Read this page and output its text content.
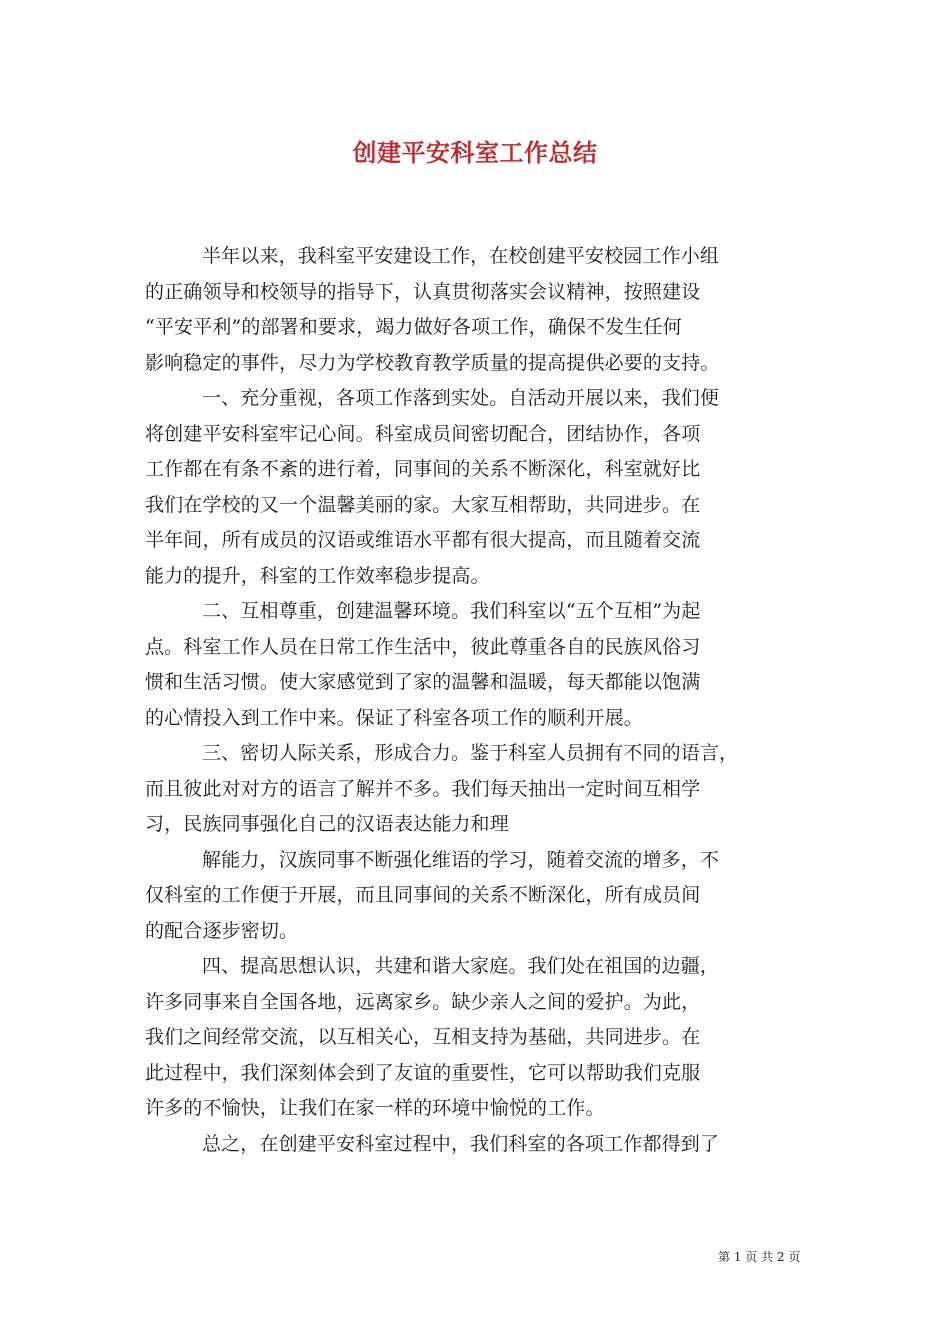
创建平安科室工作总结
半年以来，我科室平安建设工作，在校创建平安校园工作小组
的正确领导和校领导的指导下，认真贯彻落实会议精神，按照建设
“平安平利”的部署和要求，竭力做好各项工作，确保不发生任何
影响稳定的事件，尽力为学校教育教学质量的提高提供必要的支持。
一、充分重视，各项工作落到实处。自活动开展以来，我们便
将创建平安科室牢记心间。科室成员间密切配合，团结协作，各项
工作都在有条不紊的进行着，同事间的关系不断深化，科室就好比
我们在学校的又一个温馨美丽的家。大家互相帮助，共同进步。在
半年间，所有成员的汉语或维语水平都有很大提高，而且随着交流
能力的提升，科室的工作效率稳步提高。
二、互相尊重，创建温馨环境。我们科室以“五个互相”为起
点。科室工作人员在日常工作生活中，彼此尊重各自的民族风俗习
惯和生活习惯。使大家感觉到了家的温馨和温暖，每天都能以饱满
的心情投入到工作中来。保证了科室各项工作的顺利开展。
三、密切人际关系，形成合力。鉴于科室人员拥有不同的语言，
而且彼此对对方的语言了解并不多。我们每天抽出一定时间互相学
习，民族同事强化自己的汉语表达能力和理
解能力，汉族同事不断强化维语的学习，随着交流的增多，不
仅科室的工作便于开展，而且同事间的关系不断深化，所有成员间
的配合逐步密切。
四、提高思想认识，共建和谐大家庭。我们处在祖国的边疆，
许多同事来自全国各地，远离家乡。缺少亲人之间的爱护。为此，
我们之间经常交流，以互相关心，互相支持为基础，共同进步。在
此过程中，我们深刻体会到了友谊的重要性，它可以帮助我们克服
许多的不愉快，让我们在家一样的环境中愉悦的工作。
总之，在创建平安科室过程中，我们科室的各项工作都得到了
第 1 页 共 2 页
